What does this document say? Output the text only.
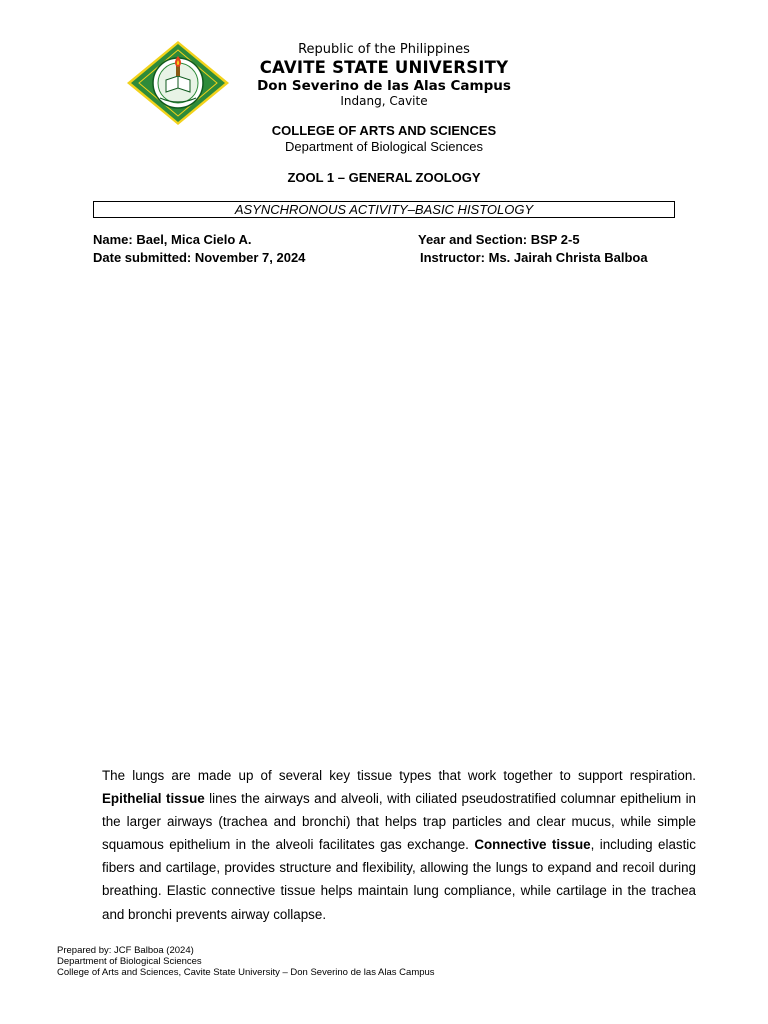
Republic of the Philippines
CAVITE STATE UNIVERSITY
Don Severino de las Alas Campus
Indang, Cavite
COLLEGE OF ARTS AND SCIENCES
Department of Biological Sciences
ZOOL 1 – GENERAL ZOOLOGY
ASYNCHRONOUS ACTIVITY–BASIC HISTOLOGY
Name: Bael, Mica Cielo A.	Year and Section: BSP 2-5
Date submitted: November 7, 2024	Instructor: Ms. Jairah Christa Balboa
The lungs are made up of several key tissue types that work together to support respiration. Epithelial tissue lines the airways and alveoli, with ciliated pseudostratified columnar epithelium in the larger airways (trachea and bronchi) that helps trap particles and clear mucus, while simple squamous epithelium in the alveoli facilitates gas exchange. Connective tissue, including elastic fibers and cartilage, provides structure and flexibility, allowing the lungs to expand and recoil during breathing. Elastic connective tissue helps maintain lung compliance, while cartilage in the trachea and bronchi prevents airway collapse.
Prepared by: JCF Balboa (2024)
Department of Biological Sciences
College of Arts and Sciences, Cavite State University – Don Severino de las Alas Campus
